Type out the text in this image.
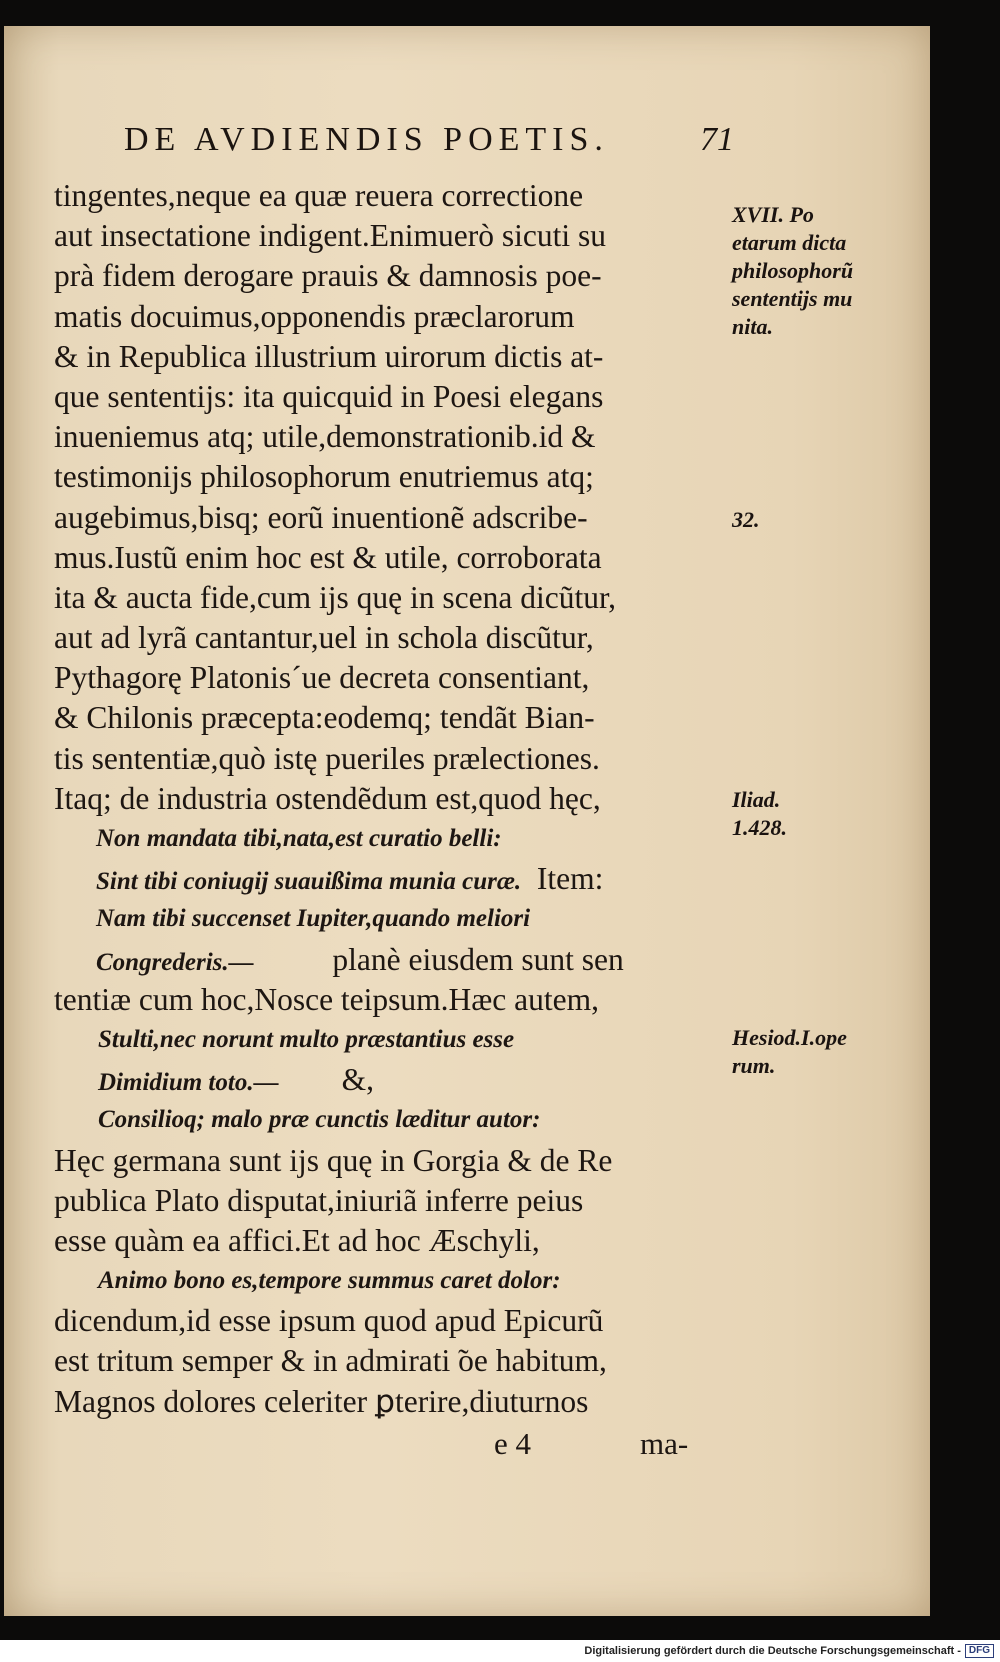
DE AVDIENDIS POETIS.	71
tingentes,neque ea quæ reuera correctione
aut insectatione indigent.Enimuerò sicuti su
prà fidem derogare prauis & damnosis poe-
matis docuimus,opponendis præclarorum
& in Republica illustrium uirorum dictis at-
que sententijs: ita quicquid in Poesi elegans
inueniemus atq; utile,demonstrationib.id &
testimonijs philosophorum enutriemus atq;
augebimus,bisq; eorũ inuentionẽ adscribe-
mus.Iustũ enim hoc est & utile, corroborata
ita & aucta fide,cum ijs quę in scena dicũtur,
aut ad lyrã cantantur,uel in schola discũtur,
Pythagorę Platonis´ue decreta consentiant,
& Chilonis præcepta:eodemq; tendãt Bian-
tis sententiæ,quò istę pueriles prælectiones.
Itaq; de industria ostendẽdum est,quod hęc,
Non mandata tibi,nata,est curatio belli:
Sint tibi coniugij suauißima munia curæ.  Item:
Nam tibi succenset Iupiter,quando meliori
Congrederis.—          planè eiusdem sunt sen
tentiæ cum hoc,Nosce teipsum.Hæc autem,
Stulti,nec norunt multo præstantius esse
Dimidium toto.—        &,
Consilioq; malo præ cunctis læditur autor:
Hęc germana sunt ijs quę in Gorgia & de Re
publica Plato disputat,iniuriã inferre peius
esse quàm ea affici.Et ad hoc Æschyli,
Animo bono es,tempore summus caret dolor:
dicendum,id esse ipsum quod apud Epicurũ
est tritum semper & in admirati ̃oe habitum,
Magnos dolores celeriter ꝑterire,diuturnos
XVII. Po
etarum dicta
philosophorũ
sententijs mu
nita.
32.
Iliad.
1.428.
Hesiod.I.ope
rum.
e 4	ma-
Digitalisierung gefördert durch die Deutsche Forschungsgemeinschaft - DFG
